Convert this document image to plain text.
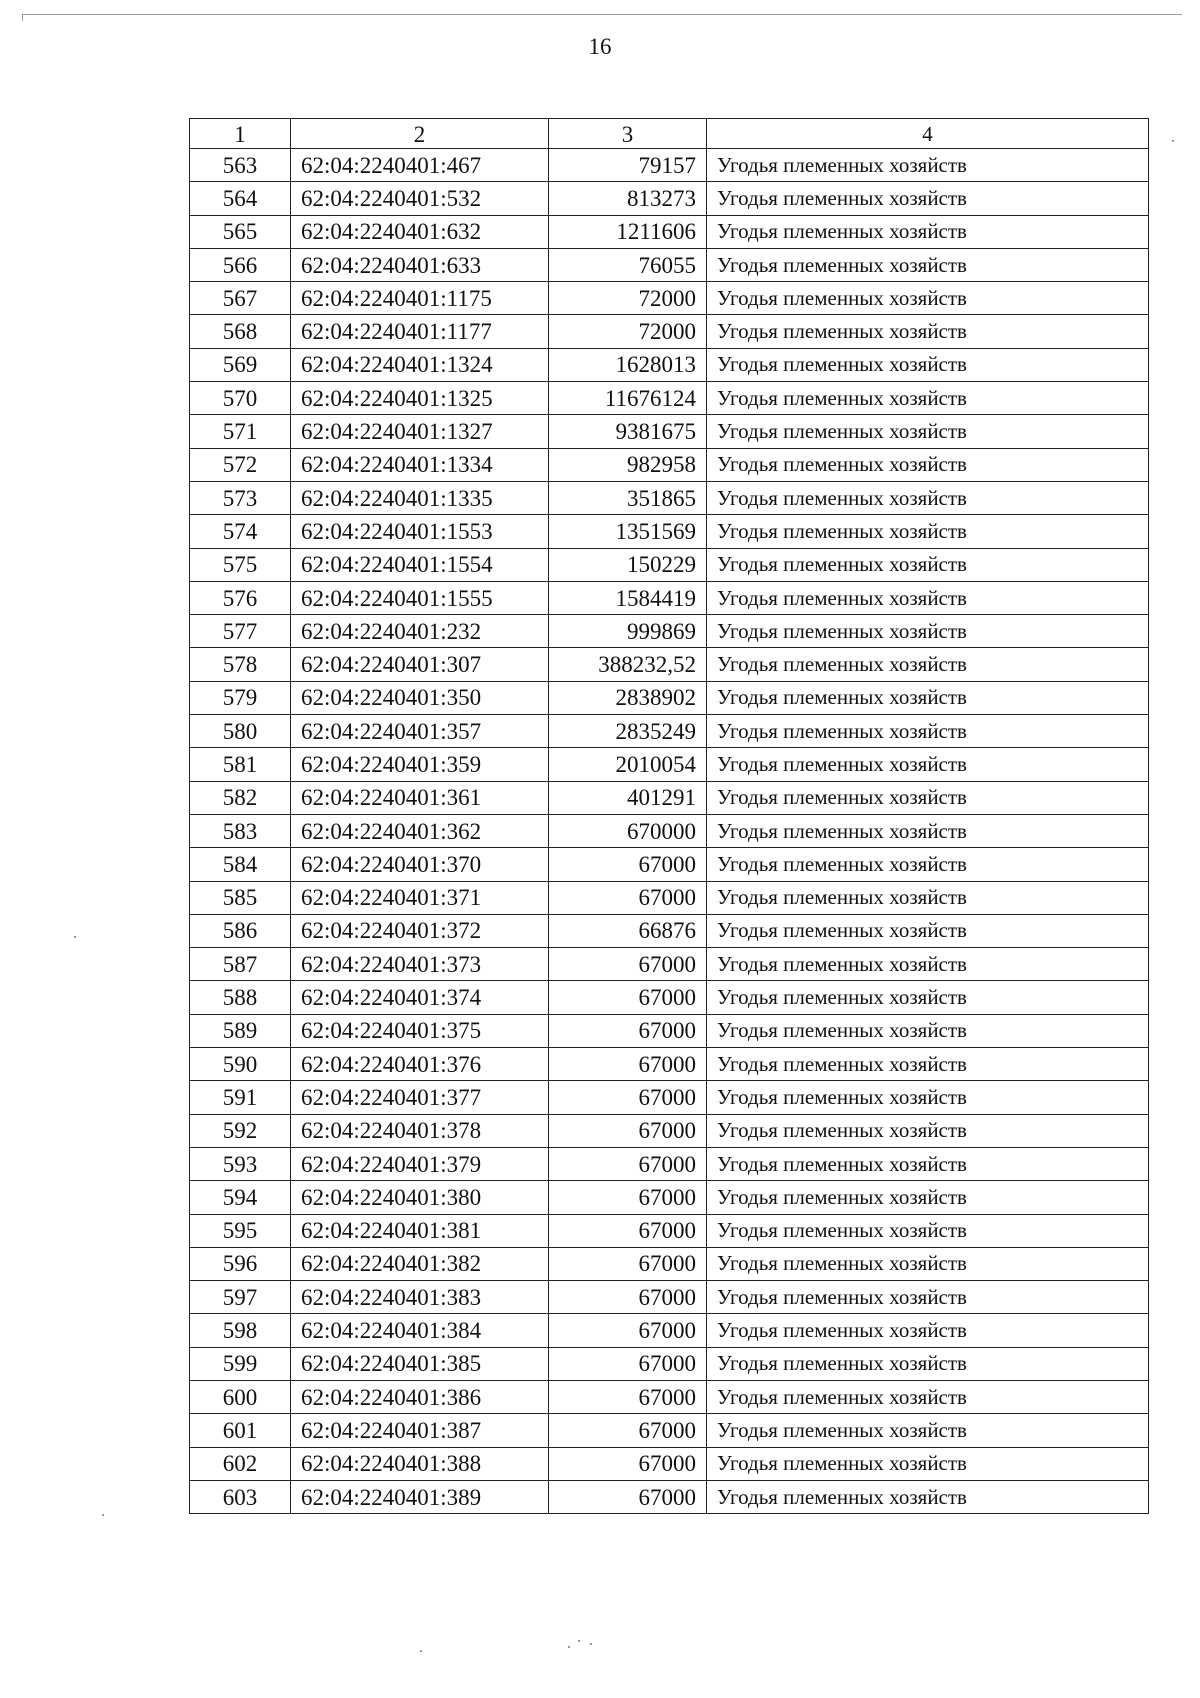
16
1	2	3	4
563	62:04:2240401:467	79157	Угодья племенных хозяйств
564	62:04:2240401:532	813273	Угодья племенных хозяйств
565	62:04:2240401:632	1211606	Угодья племенных хозяйств
566	62:04:2240401:633	76055	Угодья племенных хозяйств
567	62:04:2240401:1175	72000	Угодья племенных хозяйств
568	62:04:2240401:1177	72000	Угодья племенных хозяйств
569	62:04:2240401:1324	1628013	Угодья племенных хозяйств
570	62:04:2240401:1325	11676124	Угодья племенных хозяйств
571	62:04:2240401:1327	9381675	Угодья племенных хозяйств
572	62:04:2240401:1334	982958	Угодья племенных хозяйств
573	62:04:2240401:1335	351865	Угодья племенных хозяйств
574	62:04:2240401:1553	1351569	Угодья племенных хозяйств
575	62:04:2240401:1554	150229	Угодья племенных хозяйств
576	62:04:2240401:1555	1584419	Угодья племенных хозяйств
577	62:04:2240401:232	999869	Угодья племенных хозяйств
578	62:04:2240401:307	388232,52	Угодья племенных хозяйств
579	62:04:2240401:350	2838902	Угодья племенных хозяйств
580	62:04:2240401:357	2835249	Угодья племенных хозяйств
581	62:04:2240401:359	2010054	Угодья племенных хозяйств
582	62:04:2240401:361	401291	Угодья племенных хозяйств
583	62:04:2240401:362	670000	Угодья племенных хозяйств
584	62:04:2240401:370	67000	Угодья племенных хозяйств
585	62:04:2240401:371	67000	Угодья племенных хозяйств
586	62:04:2240401:372	66876	Угодья племенных хозяйств
587	62:04:2240401:373	67000	Угодья племенных хозяйств
588	62:04:2240401:374	67000	Угодья племенных хозяйств
589	62:04:2240401:375	67000	Угодья племенных хозяйств
590	62:04:2240401:376	67000	Угодья племенных хозяйств
591	62:04:2240401:377	67000	Угодья племенных хозяйств
592	62:04:2240401:378	67000	Угодья племенных хозяйств
593	62:04:2240401:379	67000	Угодья племенных хозяйств
594	62:04:2240401:380	67000	Угодья племенных хозяйств
595	62:04:2240401:381	67000	Угодья племенных хозяйств
596	62:04:2240401:382	67000	Угодья племенных хозяйств
597	62:04:2240401:383	67000	Угодья племенных хозяйств
598	62:04:2240401:384	67000	Угодья племенных хозяйств
599	62:04:2240401:385	67000	Угодья племенных хозяйств
600	62:04:2240401:386	67000	Угодья племенных хозяйств
601	62:04:2240401:387	67000	Угодья племенных хозяйств
602	62:04:2240401:388	67000	Угодья племенных хозяйств
603	62:04:2240401:389	67000	Угодья племенных хозяйств
